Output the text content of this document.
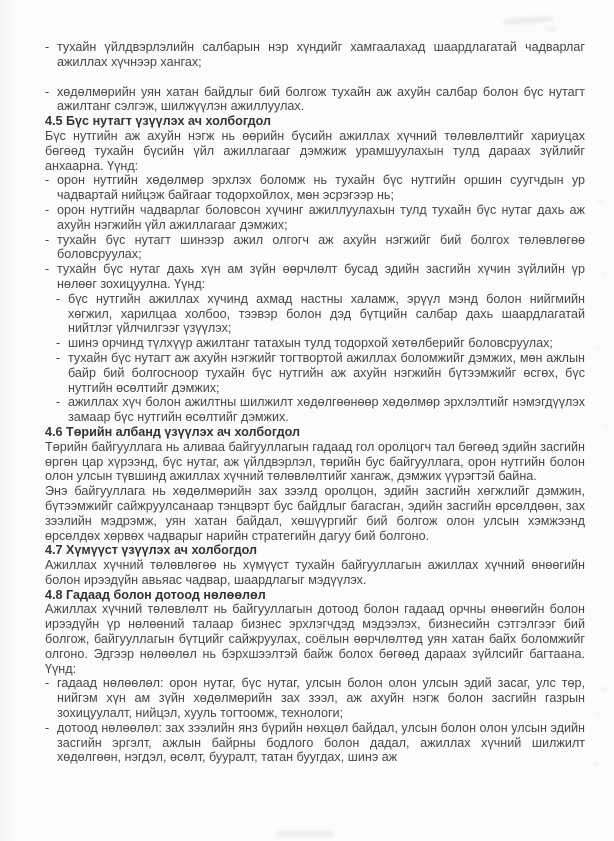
- тухайн үйлдвэрлэлийн салбарын нэр хүндийг хамгаалахад шаардлагатай чадварлаг ажиллах хүчнээр хангах;
- хөдөлмөрийн уян хатан байдлыг бий болгож тухайн аж ахуйн салбар болон бүс нутагт ажилтанг сэлгэж, шилжүүлэн ажиллуулах.
4.5 Бүс нутагт үзүүлэх ач холбогдол
Бүс нутгийн аж ахуйн нэгж нь өөрийн бүсийн ажиллах хүчний төлөвлөлтийг хариуцах бөгөөд тухайн бүсийн үйл ажиллагааг дэмжиж урамшуулахын тулд дараах зүйлийг анхаарна. Үүнд:
- орон нутгийн хөдөлмөр эрхлэх боломж нь тухайн бүс нутгийн оршин суугчдын ур чадвартай нийцэж байгааг тодорхойлох, мөн эсрэгээр нь;
- орон нутгийн чадварлаг боловсон хүчинг ажиллуулахын тулд тухайн бүс нутаг дахь аж ахуйн нэгжийн үйл ажиллагааг дэмжих;
- тухайн бүс нутагт шинээр ажил олгогч аж ахуйн нэгжийг бий болгох төлөвлөгөө боловсруулах;
- тухайн бүс нутаг дахь хүн ам зүйн өөрчлөлт бусад эдийн засгийн хүчин зүйлийн үр нөлөөг зохицуулна. Үүнд:
- бүс нутгийн ажиллах хүчинд ахмад настны халамж, эрүүл мэнд болон нийгмийн хөгжил, харилцаа холбоо, тээвэр болон дэд бүтцийн салбар дахь шаардлагатай нийтлэг үйлчилгээг үзүүлэх;
- шинэ орчинд түлхүүр ажилтанг татахын тулд тодорхой хөтөлберийг боловсруулах;
- тухайн бүс нутагт аж ахуйн нэгжийг тогтвортой ажиллах боломжийг дэмжих, мөн ажлын байр бий болгосноор тухайн бүс нутгийн аж ахуйн нэгжийн бүтээмжийг өсгөх, бүс нутгийн өсөлтийг дэмжих;
- ажиллах хүч болон ажилтны шилжилт хөдөлгөөнөөр хөдөлмөр эрхлэлтийг нэмэгдүүлэх замаар бүс нутгийн өсөлтийг дэмжих.
4.6 Төрийн албанд үзүүлэх ач холбогдол
Төрийн байгууллага нь аливаа байгууллагын гадаад гол оролцогч тал бөгөөд эдийн засгийн өргөн цар хүрээнд, бүс нутаг, аж үйлдвэрлэл, төрийн бус байгууллага, орон нутгийн болон олон улсын түвшинд ажиллах хүчний төлөвлөлтийг хангаж, дэмжих үүрэгтэй байна.
Энэ байгууллага нь хөдөлмөрийн зах зээлд оролцон, эдийн засгийн хөгжлийг дэмжин, бүтээмжийг сайжруулсанаар тэнцвэрт бус байдлыг багасган, эдийн засгийн өрсөлдөөн, зах зээлийн мэдрэмж, уян хатан байдал, хөшүүргийг бий болгож олон улсын хэмжээнд өрсөлдөх хөрвөх чадварыг нарийн стратегийн дагуу бий болгоно.
4.7 Хүмүүст үзүүлэх ач холбогдол
Ажиллах хүчний төлөвлөгөө нь хүмүүст тухайн байгууллагын ажиллах хүчний өнөөгийн болон ирээдүйн авьяас чадвар, шаардлагыг мэдүүлэх.
4.8 Гадаад болон дотоод нөлөөлөл
Ажиллах хүчний төлөвлөлт нь байгууллагын дотоод болон гадаад орчны өнөөгийн болон ирээдүйн үр нөлөөний талаар бизнес эрхлэгчдэд мэдээлэх, бизнесийн сэтгэлгээг бий болгож, байгууллагын бүтцийг сайжруулах, соёлын өөрчлөлтөд уян хатан байх боломжийг олгоно. Эдгээр нөлөөлөл нь бэрхшээлтэй байж болох бөгөөд дараах зүйлсийг багтаана. Үүнд:
- гадаад нөлөөлөл: орон нутаг, бүс нутаг, улсын болон олон улсын эдий засаг, улс төр, нийгэм хүн ам зүйн хөдөлмөрийн зах зээл, аж ахуйн нэгж болон засгийн газрын зохицуулалт, нийцэл, хууль тогтоомж, технологи;
- дотоод нөлөөлөл: зах зээлийн янз бүрийн нөхцөл байдал, улсын болон олон улсын эдийн засгийн эргэлт, ажлын байрны бодлого болон дадал, ажиллах хүчний шилжилт хөдөлгөөн, нэгдэл, өсөлт, бууралт, татан буугдах, шинэ аж
